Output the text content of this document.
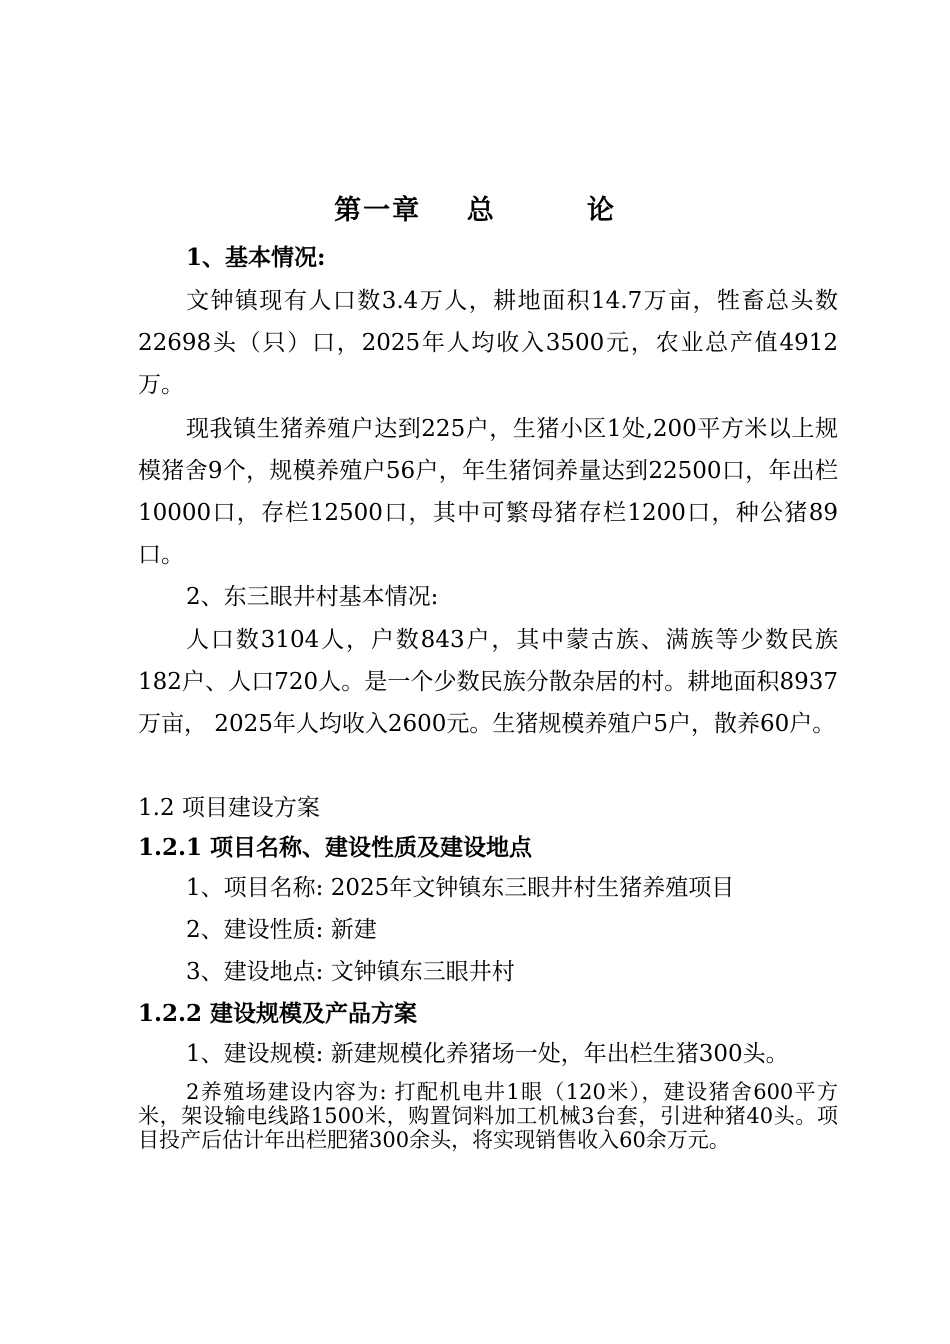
第一章    总        论
1、基本情况:
文钟镇现有人口数3.4万人，耕地面积14.7万亩，牲畜总头数22698头（只）口，2025年人均收入3500元，农业总产值4912万。
现我镇生猪养殖户达到225户，生猪小区1处,200平方米以上规模猪舍9个，规模养殖户56户，年生猪饲养量达到22500口，年出栏10000口，存栏12500口，其中可繁母猪存栏1200口，种公猪89口。
2、东三眼井村基本情况:
人口数3104人，户数843户，其中蒙古族、满族等少数民族182户、人口720人。是一个少数民族分散杂居的村。耕地面积8937万亩， 2025年人均收入2600元。生猪规模养殖户5户，散养60户。
1.2 项目建设方案
1.2.1 项目名称、建设性质及建设地点
1、项目名称: 2025年文钟镇东三眼井村生猪养殖项目
2、建设性质: 新建
3、建设地点: 文钟镇东三眼井村
1.2.2 建设规模及产品方案
1、建设规模: 新建规模化养猪场一处，年出栏生猪300头。
2养殖场建设内容为: 打配机电井1眼（120米），建设猪舍600平方米，架设输电线路1500米，购置饲料加工机械3台套，引进种猪40头。项目投产后估计年出栏肥猪300余头，将实现销售收入60余万元。
